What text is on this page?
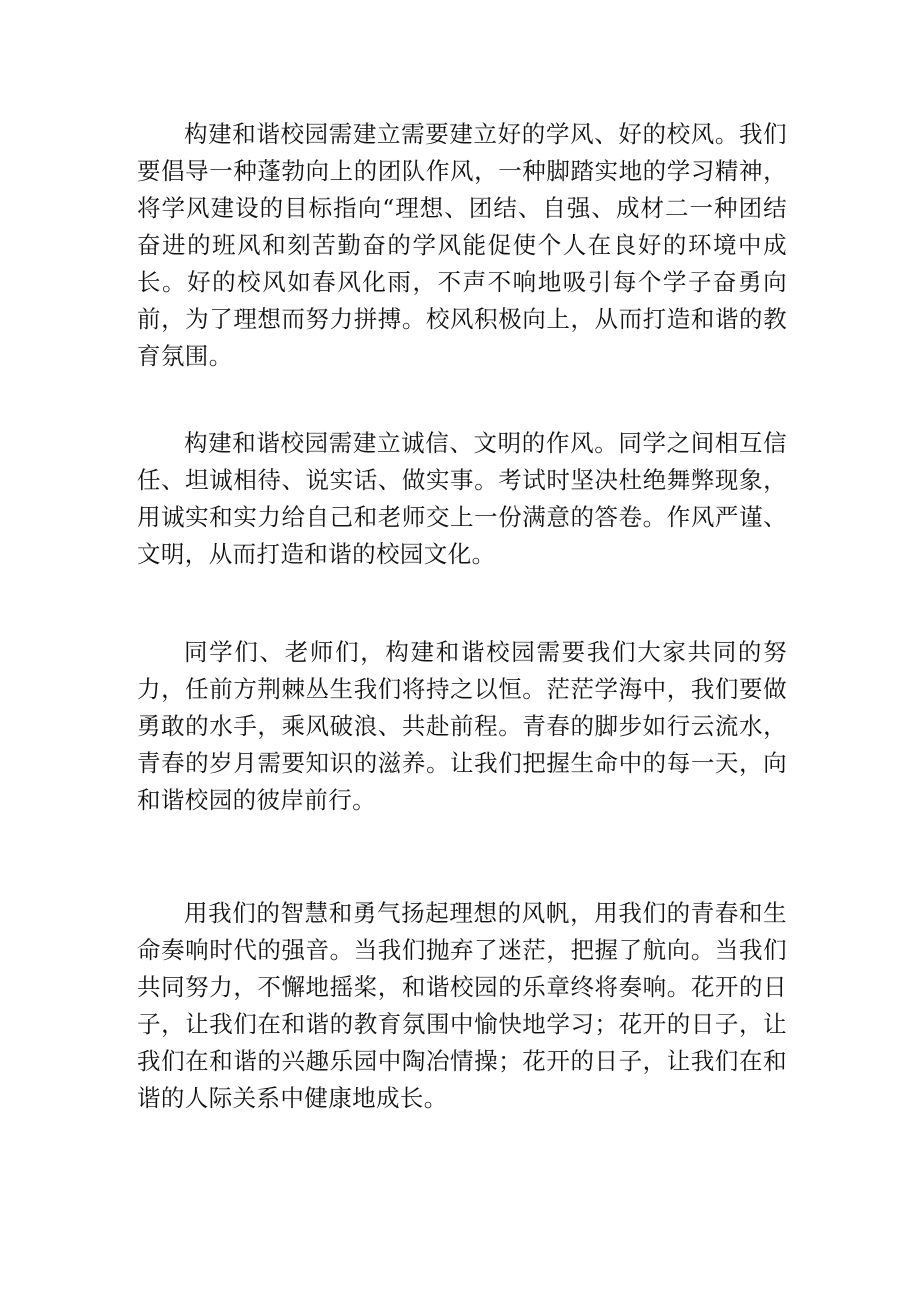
构建和谐校园需建立需要建立好的学风、好的校风。我们要倡导一种蓬勃向上的团队作风，一种脚踏实地的学习精神，将学风建设的目标指向“理想、团结、自强、成材二一种团结奋进的班风和刻苦勤奋的学风能促使个人在良好的环境中成长。好的校风如春风化雨，不声不响地吸引每个学子奋勇向前，为了理想而努力拼搏。校风积极向上，从而打造和谐的教育氛围。

构建和谐校园需建立诚信、文明的作风。同学之间相互信任、坦诚相待、说实话、做实事。考试时坚决杜绝舞弊现象，用诚实和实力给自己和老师交上一份满意的答卷。作风严谨、文明，从而打造和谐的校园文化。

同学们、老师们，构建和谐校园需要我们大家共同的努力，任前方荆棘丛生我们将持之以恒。茫茫学海中，我们要做勇敢的水手，乘风破浪、共赴前程。青春的脚步如行云流水，青春的岁月需要知识的滋养。让我们把握生命中的每一天，向和谐校园的彼岸前行。

用我们的智慧和勇气扬起理想的风帆，用我们的青春和生命奏响时代的强音。当我们抛弃了迷茫，把握了航向。当我们共同努力，不懈地摇桨，和谐校园的乐章终将奏响。花开的日子，让我们在和谐的教育氛围中愉快地学习；花开的日子，让我们在和谐的兴趣乐园中陶冶情操；花开的日子，让我们在和谐的人际关系中健康地成长。
